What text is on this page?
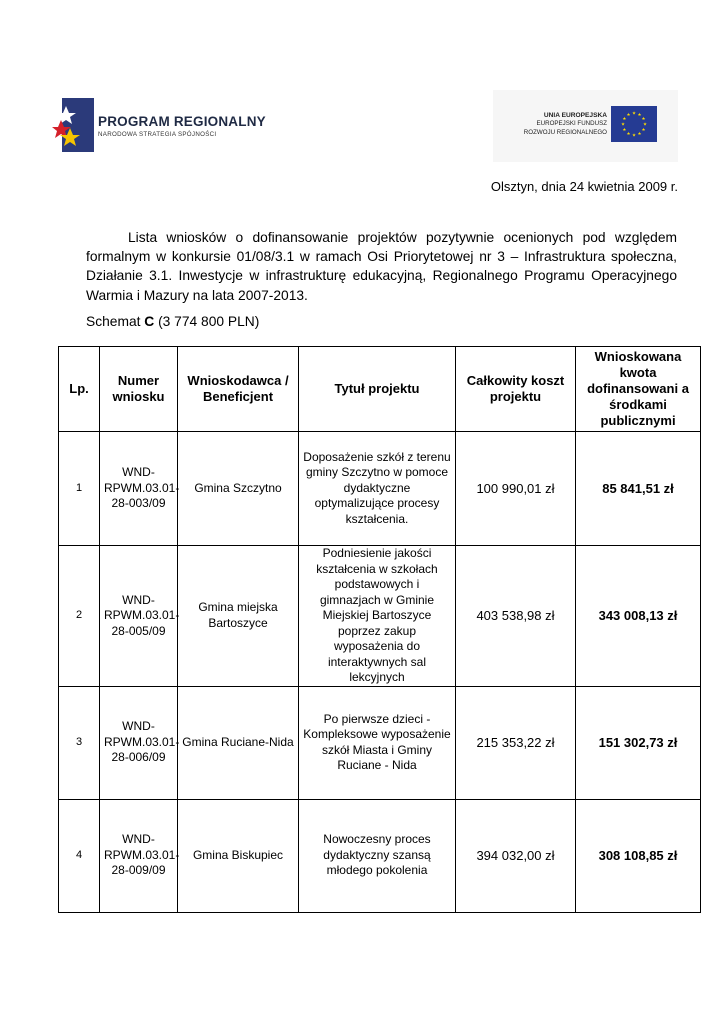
PROGRAM REGIONALNY
NARODOWA STRATEGIA SPÓJNOŚCI
UNIA EUROPEJSKA
EUROPEJSKI FUNDUSZ
ROZWOJU REGIONALNEGO
★ ★
★
★
★
★
★
★
★
★
★
★
Olsztyn, dnia 24 kwietnia 2009 r.
Lista wniosków o dofinansowanie projektów pozytywnie ocenionych pod względem formalnym w konkursie 01/08/3.1 w ramach Osi Priorytetowej nr 3 – Infrastruktura społeczna, Działanie 3.1. Inwestycje w infrastrukturę edukacyjną, Regionalnego Programu Operacyjnego Warmia i Mazury na lata 2007-2013.
Schemat C (3 774 800 PLN)
Lp.	Numer wniosku	Wnioskodawca / Beneficjent	Tytuł projektu	Całkowity koszt projektu	Wnioskowana kwota dofinansowani a środkami publicznymi
1	WND-RPWM.03.01-28-003/09	Gmina Szczytno	Doposażenie szkół z terenu gminy Szczytno w pomoce dydaktyczne optymalizujące procesy kształcenia.	100 990,01 zł	85 841,51 zł
2	WND-RPWM.03.01-28-005/09	Gmina miejska Bartoszyce	Podniesienie jakości kształcenia w szkołach podstawowych i gimnazjach w Gminie Miejskiej Bartoszyce poprzez zakup wyposażenia do interaktywnych sal lekcyjnych	403 538,98 zł	343 008,13 zł
3	WND-RPWM.03.01-28-006/09	Gmina Ruciane-Nida	Po pierwsze dzieci - Kompleksowe wyposażenie szkół Miasta i Gminy Ruciane - Nida	215 353,22 zł	151 302,73 zł
4	WND-RPWM.03.01-28-009/09	Gmina Biskupiec	Nowoczesny proces dydaktyczny szansą młodego pokolenia	394 032,00 zł	308 108,85 zł
